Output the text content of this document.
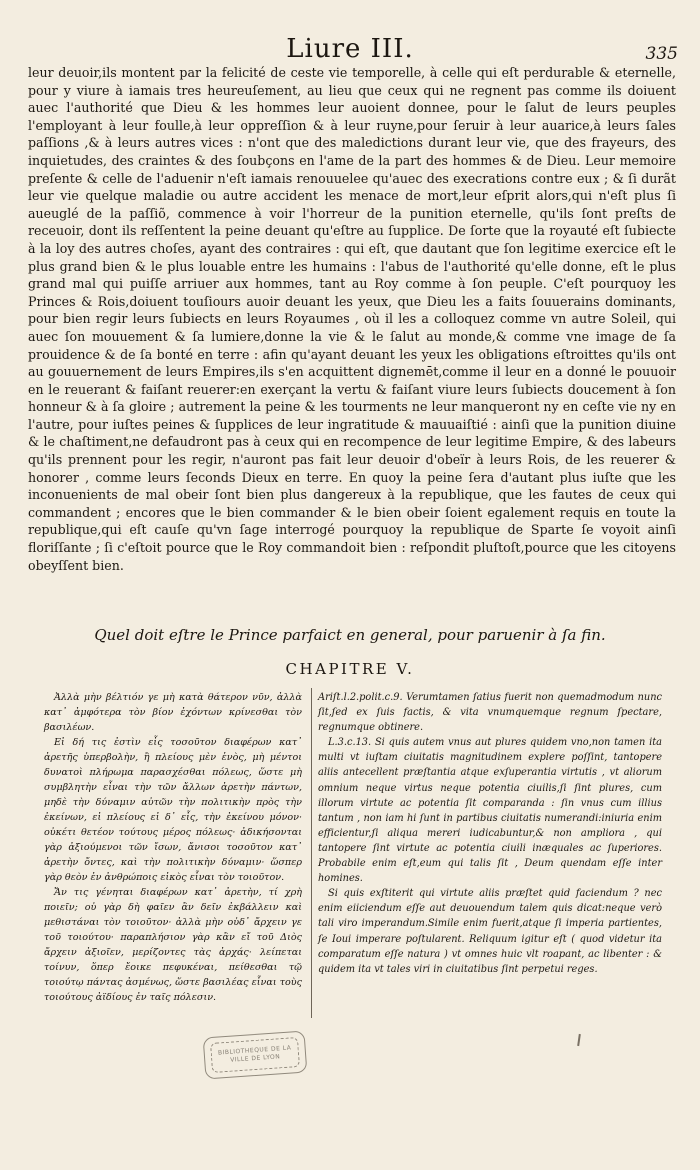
Liure III.	335

leur deuoir,ils montent par la felicité de ceste vie temporelle, à celle qui eſt perdurable & eternelle, pour y viure à iamais tres heureuſement, au lieu que ceux qui ne regnent pas comme ils doiuent auec l'authorité que Dieu & les hommes leur auoient donnee, pour le ſalut de leurs peuples l'employant à leur foulle,à leur oppreſſion & à leur ruyne,pour ſeruir à leur auarice,à leurs ſales paſſions ,& à leurs autres vices : n'ont que des maledictions durant leur vie, que des frayeurs, des inquietudes, des craintes & des ſoubçons en l'ame de la part des hommes & de Dieu. Leur memoire preſente & celle de l'aduenir n'eſt iamais renouuelee qu'auec des execrations contre eux ; & ſi durãt leur vie quelque maladie ou autre accident les menace de mort,leur eſprit alors,qui n'eſt plus ſi aueuglé de la paſſiõ, commence à voir l'horreur de la punition eternelle, qu'ils ſont preſts de receuoir, dont ils reſſentent la peine deuant qu'eſtre au ſupplice. De ſorte que la royauté eſt ſubiecte à la loy des autres choſes, ayant des contraires : qui eſt, que dautant que ſon legitime exercice eſt le plus grand bien & le plus louable entre les humains : l'abus de l'authorité qu'elle donne, eſt le plus grand mal qui puiſſe arriuer aux hommes, tant au Roy comme à ſon peuple. C'eſt pourquoy les Princes & Rois,doiuent touſiours auoir deuant les yeux, que Dieu les a faits ſouuerains dominants, pour bien regir leurs ſubiects en leurs Royaumes , où il les a colloquez comme vn autre Soleil, qui auec ſon mouuement & ſa lumiere,donne la vie & le ſalut au monde,& comme vne image de ſa prouidence & de ſa bonté en terre : afin qu'ayant deuant les yeux les obligations eſtroittes qu'ils ont au gouuernement de leurs Empires,ils s'en acquittent dignemēt,comme il leur en a donné le pouuoir en le reuerant & faiſant reuerer:en exerçant la vertu & faiſant viure leurs ſubiects doucement à ſon honneur & à ſa gloire ; autrement la peine & les tourments ne leur manqueront ny en ceſte vie ny en l'autre, pour iuſtes peines & ſupplices de leur ingratitude & mauuaiſtié : ainſi que la punition diuine & le chaſtiment,ne defaudront pas à ceux qui en recompence de leur legitime Empire, & des labeurs qu'ils prennent pour les regir, n'auront pas fait leur deuoir d'obeïr à leurs Rois, de les reuerer & honorer , comme leurs ſeconds Dieux en terre. En quoy la peine ſera d'autant plus iuſte que les inconuenients de mal obeir ſont bien plus dangereux à la republique, que les fautes de ceux qui commandent ; encores que le bien commander & le bien obeir ſoient egalement requis en toute la republique,qui eſt cauſe qu'vn ſage interrogé pourquoy la republique de Sparte ſe voyoit ainſi floriſſante ; ſi c'eſtoit pource que le Roy commandoit bien : reſpondit pluſtoſt,pource que les citoyens obeyſſent bien.

Quel doit eſtre le Prince parfaict en general, pour paruenir à ſa fin.
CHAPITRE V.

Ἀλλὰ μὴν βέλτιόν γε μὴ κατὰ θάτερον νῦν, ἀλλὰ κατ᾽ ἀμφότερα τὸν βίον ἐχόντων κρίνεσθαι τὸν βασιλέων.

Εἰ δή τις ἐστὶν εἷς τοσοῦτον διαφέρων κατ᾽ ἀρετῆς ὑπερβολὴν, ἢ πλείους μὲν ἑνὸς, μὴ μέντοι δυνατοὶ πλήρωμα παρασχέσθαι πόλεως, ὥστε μὴ συμβλητὴν εἶναι τὴν τῶν ἄλλων ἀρετὴν πάντων, μηδὲ τὴν δύναμιν αὐτῶν τὴν πολιτικὴν πρὸς τὴν ἐκείνων, εἰ πλείους εἰ δ᾽ εἷς, τὴν ἐκείνου μόνον· οὐκέτι θετέον τούτους μέρος πόλεως· ἀδικήσονται γὰρ ἀξιούμενοι τῶν ἴσων, ἄνισοι τοσοῦτον κατ᾽ ἀρετὴν ὄντες, καὶ τὴν πολιτικὴν δύναμιν· ὥσπερ γὰρ θεὸν ἐν ἀνθρώποις εἰκὸς εἶναι τὸν τοιοῦτον.

Ἄν τις γένηται διαφέρων κατ᾽ ἀρετὴν, τί χρὴ ποιεῖν; οὐ γὰρ δὴ φαῖεν ἂν δεῖν ἐκβάλλειν καὶ μεθιστάναι τὸν τοιοῦτον· ἀλλὰ μὴν οὐδ᾽ ἄρχειν γε τοῦ τοιούτου· παραπλήσιον γὰρ κἂν εἴ τοῦ Διὸς ἄρχειν ἀξιοῖεν, μερίζοντες τὰς ἀρχάς· λείπεται τοίνυν, ὅπερ ἔοικε πεφυκέναι, πείθεσθαι τῷ τοιούτῳ πάντας ἀσμένως, ὥστε βασιλέας εἶναι τοὺς τοιούτους ἀϊδίους ἐν ταῖς πόλεσιν.

Ariſt.l.2.polit.c.9. Verumtamen ſatius fuerit non quemadmodum nunc ſit,ſed ex ſuis factis, & vita vnumquemque regnum ſpectare, regnumque obtinere.

L.3.c.13. Si quis autem vnus aut plures quidem vno,non tamen ita multi vt iuſtam ciuitatis magnitudinem explere poſſint, tantopere aliis antecellent præſtantia atque exſuperantia virtutis , vt aliorum omnium neque virtus neque potentia ciuilis,ſi ſint plures, cum illorum virtute ac potentia ſit comparanda : ſin vnus cum illius tantum , non iam hi ſunt in partibus ciuitatis numerandi:iniuria enim efficientur,ſi aliqua mereri iudicabuntur,& non ampliora , qui tantopere ſint virtute ac potentia ciuili inæquales ac ſuperiores. Probabile enim eſt,eum qui talis ſit , Deum quendam eſſe inter homines.

Si quis exſtiterit qui virtute aliis præſtet quid faciendum ? nec enim eiiciendum eſſe aut deuouendum talem quis dicat:neque verò tali viro imperandum.Simile enim fuerit,atque ſi imperia partientes, ſe Ioui imperare poſtularent. Reliquum igitur eſt ( quod videtur ita comparatum eſſe natura ) vt omnes huic vlt roapant, ac libenter : & quidem ita vt tales viri in ciuitatibus ſint perpetui reges.

BIBLIOTHEQUE DE LA VILLE DE LYON
